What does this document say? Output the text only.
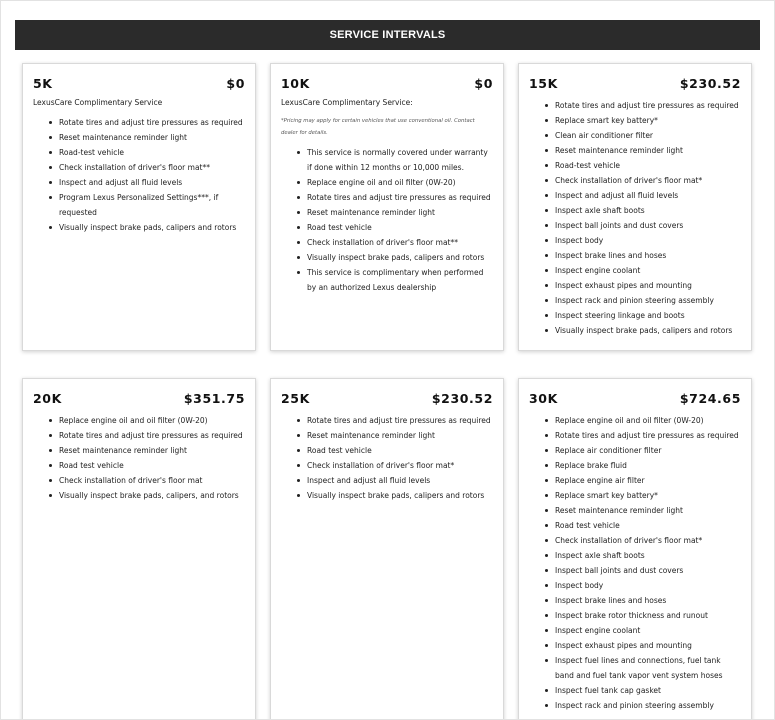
SERVICE INTERVALS
5K	$0

LexusCare Complimentary Service

Rotate tires and adjust tire pressures as required
Reset maintenance reminder light
Road-test vehicle
Check installation of driver's floor mat**
Inspect and adjust all fluid levels
Program Lexus Personalized Settings***, if requested
Visually inspect brake pads, calipers and rotors
10K	$0

LexusCare Complimentary Service:

*Pricing may apply for certain vehicles that use conventional oil. Contact dealer for details.

This service is normally covered under warranty if done within 12 months or 10,000 miles.
Replace engine oil and oil filter (0W-20)
Rotate tires and adjust tire pressures as required
Reset maintenance reminder light
Road test vehicle
Check installation of driver's floor mat**
Visually inspect brake pads, calipers and rotors
This service is complimentary when performed by an authorized Lexus dealership
15K	$230.52
Rotate tires and adjust tire pressures as required
Replace smart key battery*
Clean air conditioner filter
Reset maintenance reminder light
Road-test vehicle
Check installation of driver's floor mat*
Inspect and adjust all fluid levels
Inspect axle shaft boots
Inspect ball joints and dust covers
Inspect body
Inspect brake lines and hoses
Inspect engine coolant
Inspect exhaust pipes and mounting
Inspect rack and pinion steering assembly
Inspect steering linkage and boots
Visually inspect brake pads, calipers and rotors
20K	$351.75
Replace engine oil and oil filter (0W-20)
Rotate tires and adjust tire pressures as required
Reset maintenance reminder light
Road test vehicle
Check installation of driver's floor mat
Visually inspect brake pads, calipers, and rotors
25K	$230.52
Rotate tires and adjust tire pressures as required
Reset maintenance reminder light
Road test vehicle
Check installation of driver's floor mat*
Inspect and adjust all fluid levels
Visually inspect brake pads, calipers and rotors
30K	$724.65
Replace engine oil and oil filter (0W-20)
Rotate tires and adjust tire pressures as required
Replace air conditioner filter
Replace brake fluid
Replace engine air filter
Replace smart key battery*
Reset maintenance reminder light
Road test vehicle
Check installation of driver's floor mat*
Inspect axle shaft boots
Inspect ball joints and dust covers
Inspect body
Inspect brake lines and hoses
Inspect brake rotor thickness and runout
Inspect engine coolant
Inspect exhaust pipes and mounting
Inspect fuel lines and connections, fuel tank band and fuel tank vapor vent system hoses
Inspect fuel tank cap gasket
Inspect rack and pinion steering assembly
